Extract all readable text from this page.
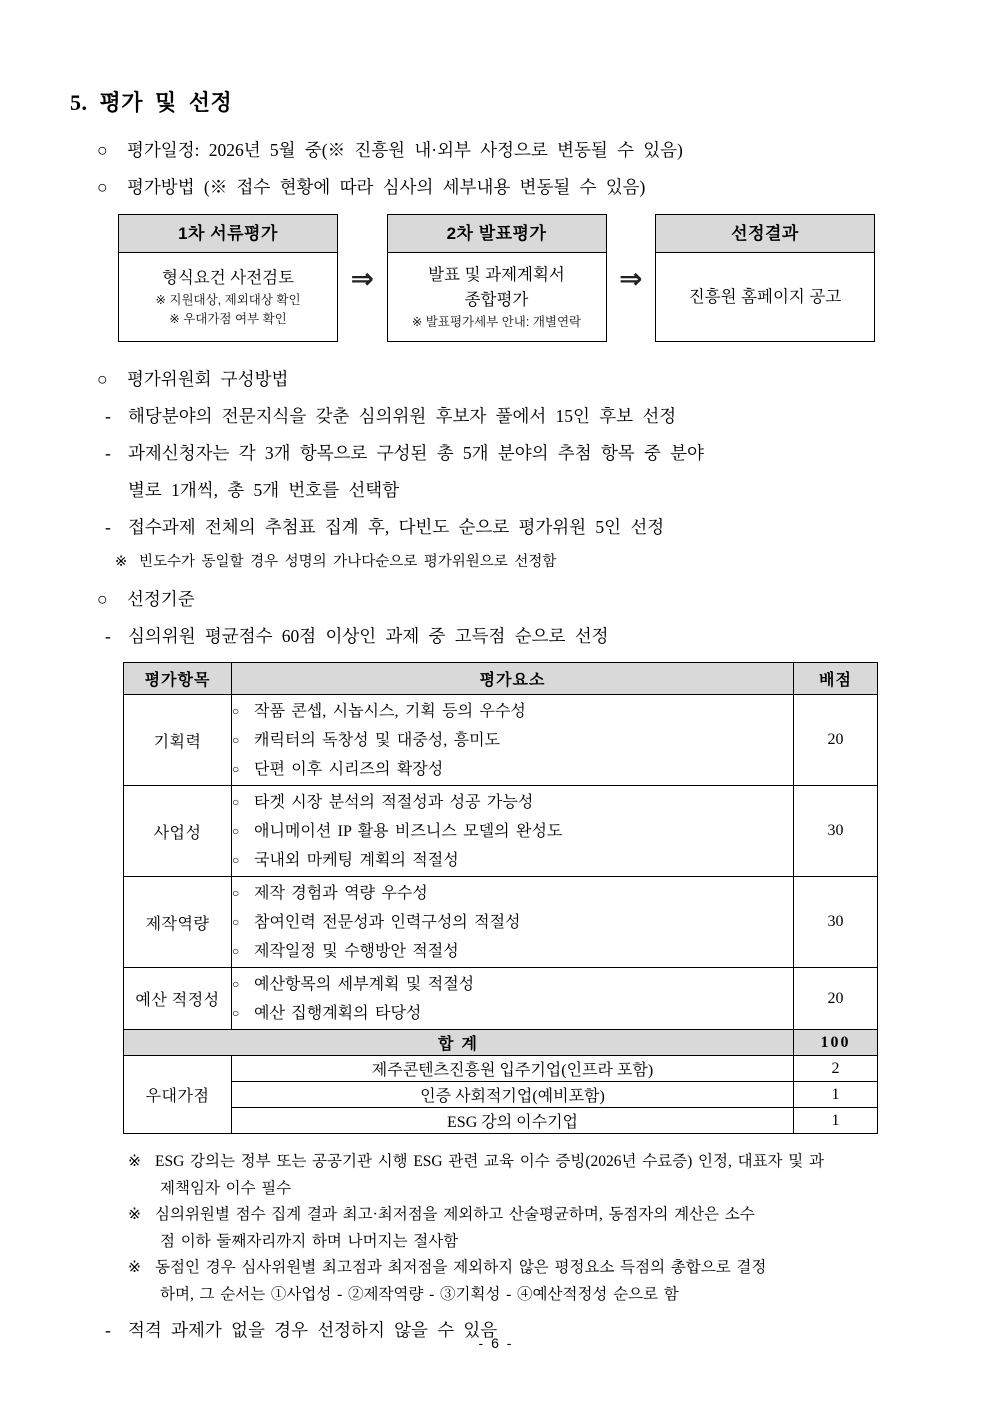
5. 평가 및 선정
○ 평가일정: 2026년 5월 중(※ 진흥원 내·외부 사정으로 변동될 수 있음)
○ 평가방법 (※ 접수 현황에 따라 심사의 세부내용 변동될 수 있음)
1차 서류평가
형식요건 사전검토
※ 지원대상, 제외대상 확인
※ 우대가점 여부 확인
⇒
2차 발표평가
발표 및 과제계획서
종합평가
※ 발표평가세부 안내: 개별연락
⇒
선정결과
진흥원 홈페이지 공고
○ 평가위원회 구성방법
- 해당분야의 전문지식을 갖춘 심의위원 후보자 풀에서 15인 후보 선정
- 과제신청자는 각 3개 항목으로 구성된 총 5개 분야의 추첨 항목 중 분야
별로 1개씩, 총 5개 번호를 선택함
- 접수과제 전체의 추첨표 집계 후, 다빈도 순으로 평가위원 5인 선정
※ 빈도수가 동일할 경우 성명의 가나다순으로 평가위원으로 선정함
○ 선정기준
- 심의위원 평균점수 60점 이상인 과제 중 고득점 순으로 선정
평가항목	평가요소	배점
기획력	○ 작품 콘셉, 시놉시스, 기획 등의 우수성
○ 캐릭터의 독창성 및 대중성, 흥미도
○ 단편 이후 시리즈의 확장성	20
사업성	○ 타겟 시장 분석의 적절성과 성공 가능성
○ 애니메이션 IP 활용 비즈니스 모델의 완성도
○ 국내외 마케팅 계획의 적절성	30
제작역량	○ 제작 경험과 역량 우수성
○ 참여인력 전문성과 인력구성의 적절성
○ 제작일정 및 수행방안 적절성	30
예산 적정성	○ 예산항목의 세부계획 및 적절성
○ 예산 집행계획의 타당성	20
합 계		100
우대가점	제주콘텐츠진흥원 입주기업(인프라 포함)	2
	인증 사회적기업(예비포함)	1
	ESG 강의 이수기업	1
※ ESG 강의는 정부 또는 공공기관 시행 ESG 관련 교육 이수 증빙(2026년 수료증) 인정, 대표자 및 과
제책임자 이수 필수
※ 심의위원별 점수 집계 결과 최고·최저점을 제외하고 산술평균하며, 동점자의 계산은 소수
점 이하 둘째자리까지 하며 나머지는 절사함
※ 동점인 경우 심사위원별 최고점과 최저점을 제외하지 않은 평정요소 득점의 총합으로 결정
하며, 그 순서는 ①사업성 - ②제작역량 - ③기획성 - ④예산적정성 순으로 함
- 적격 과제가 없을 경우 선정하지 않을 수 있음
- 6 -
